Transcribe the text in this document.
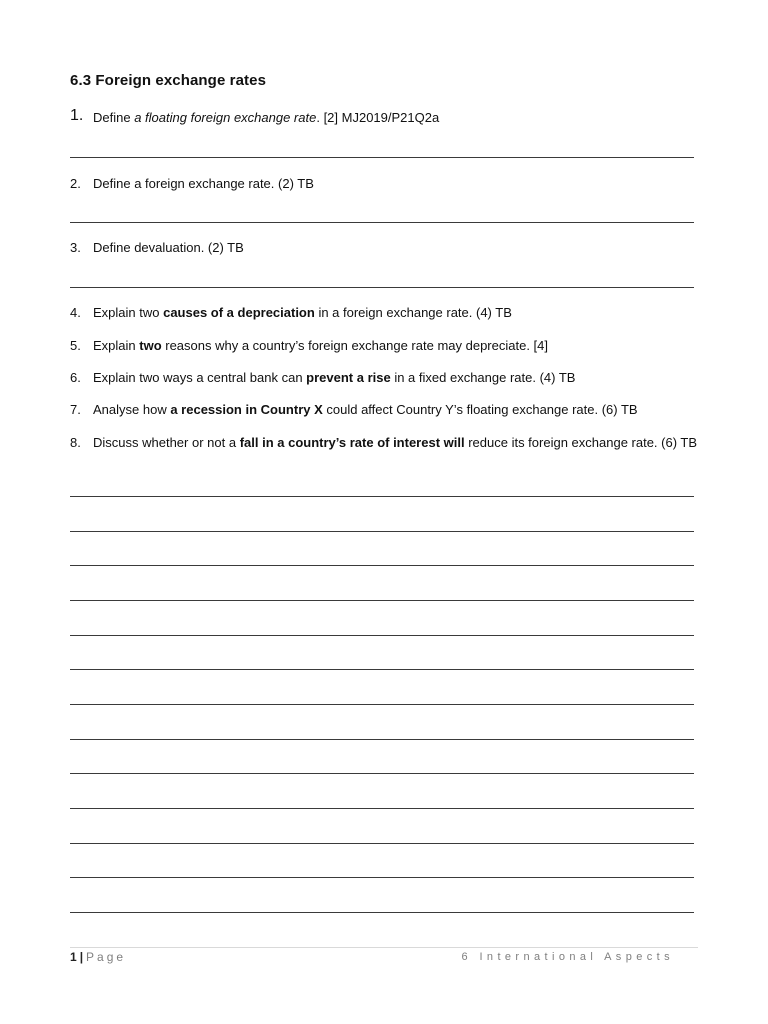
6.3 Foreign exchange rates
1. Define a floating foreign exchange rate. [2] MJ2019/P21Q2a
2. Define a foreign exchange rate. (2) TB
3. Define devaluation. (2) TB
4. Explain two causes of a depreciation in a foreign exchange rate. (4) TB
5. Explain two reasons why a country’s foreign exchange rate may depreciate. [4]
6. Explain two ways a central bank can prevent a rise in a fixed exchange rate. (4) TB
7. Analyse how a recession in Country X could affect Country Y’s floating exchange rate. (6) TB
8. Discuss whether or not a fall in a country’s rate of interest will reduce its foreign exchange rate. (6) TB
1 | Page	6 International Aspects
